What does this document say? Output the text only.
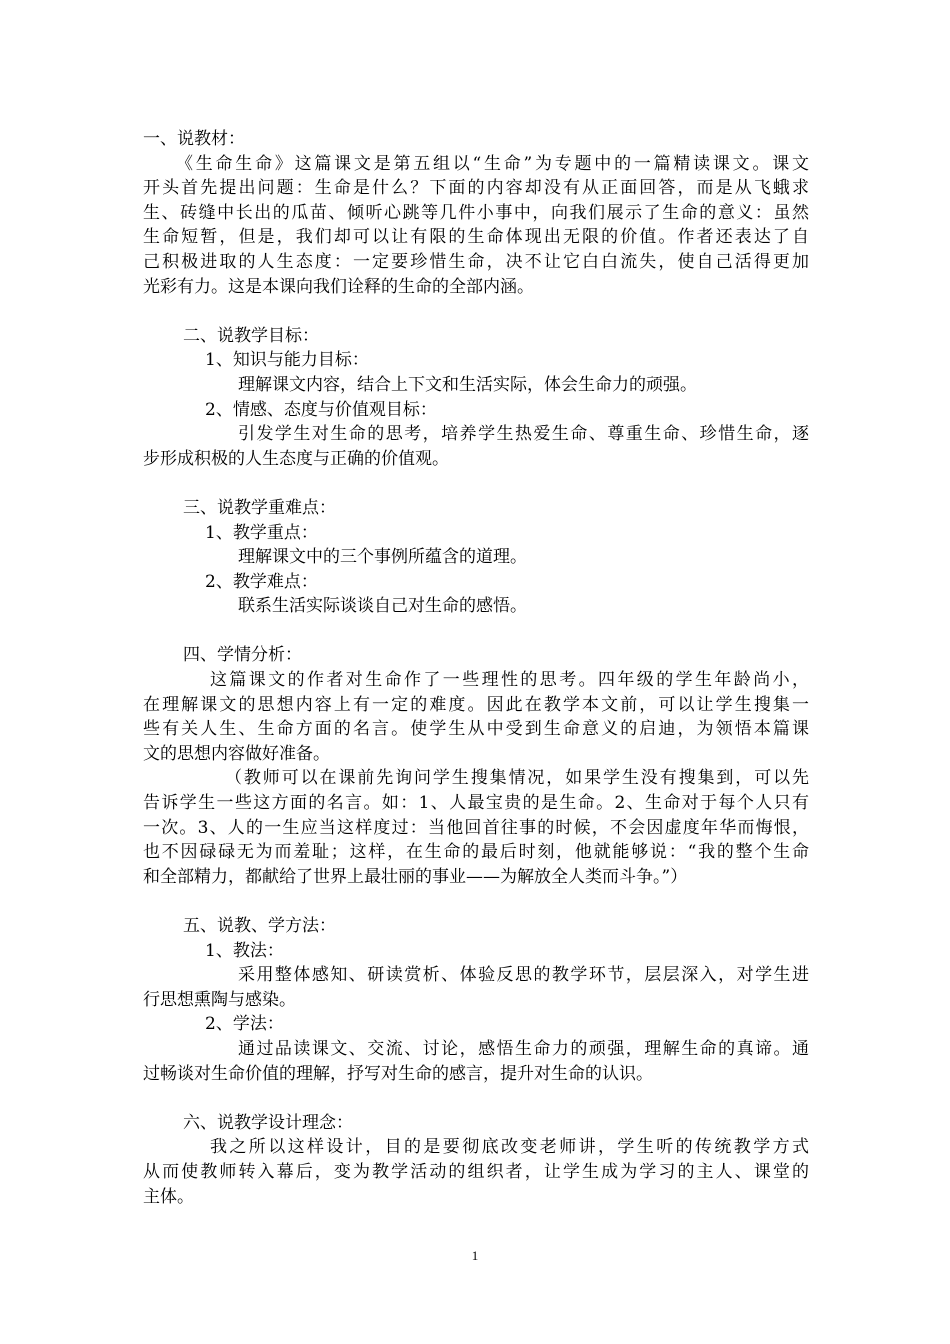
一、说教材：
《生命生命》这篇课文是第五组以“生命”为专题中的一篇精读课文。课文
开头首先提出问题：生命是什么？下面的内容却没有从正面回答，而是从飞蛾求
生、砖缝中长出的瓜苗、倾听心跳等几件小事中，向我们展示了生命的意义：虽然
生命短暂，但是，我们却可以让有限的生命体现出无限的价值。作者还表达了自
己积极进取的人生态度：一定要珍惜生命，决不让它白白流失，使自己活得更加
光彩有力。这是本课向我们诠释的生命的全部内涵。
二、说教学目标：
1、知识与能力目标：
理解课文内容，结合上下文和生活实际，体会生命力的顽强。
2、情感、态度与价值观目标：
引发学生对生命的思考，培养学生热爱生命、尊重生命、珍惜生命，逐
步形成积极的人生态度与正确的价值观。
三、说教学重难点：
1、教学重点：
理解课文中的三个事例所蕴含的道理。
2、教学难点：
联系生活实际谈谈自己对生命的感悟。
四、学情分析：
这篇课文的作者对生命作了一些理性的思考。四年级的学生年龄尚小，
在理解课文的思想内容上有一定的难度。因此在教学本文前，可以让学生搜集一
些有关人生、生命方面的名言。使学生从中受到生命意义的启迪，为领悟本篇课
文的思想内容做好准备。
（教师可以在课前先询问学生搜集情况，如果学生没有搜集到，可以先
告诉学生一些这方面的名言。如：1、人最宝贵的是生命。2、生命对于每个人只有
一次。3、人的一生应当这样度过：当他回首往事的时候，不会因虚度年华而悔恨，
也不因碌碌无为而羞耻；这样，在生命的最后时刻，他就能够说：“我的整个生命
和全部精力，都献给了世界上最壮丽的事业——为解放全人类而斗争。”）
五、说教、学方法：
1、教法：
采用整体感知、研读赏析、体验反思的教学环节，层层深入，对学生进
行思想熏陶与感染。
2、学法：
通过品读课文、交流、讨论，感悟生命力的顽强，理解生命的真谛。通
过畅谈对生命价值的理解，抒写对生命的感言，提升对生命的认识。
六、说教学设计理念：
我之所以这样设计，目的是要彻底改变老师讲，学生听的传统教学方式
从而使教师转入幕后，变为教学活动的组织者，让学生成为学习的主人、课堂的
主体。
1
